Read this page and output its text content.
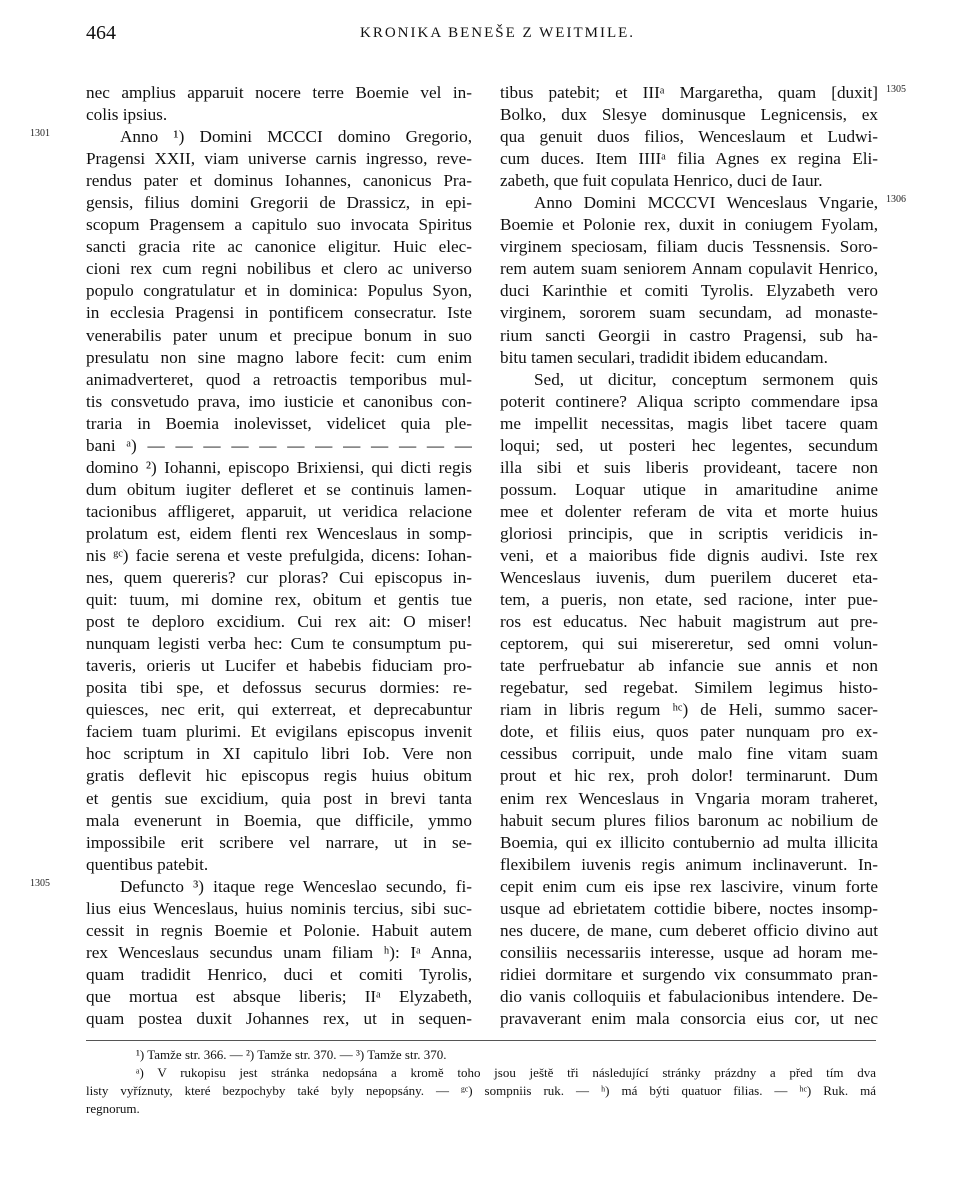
464	KRONIKA BENEŠE Z WEITMILE.
1301
1305
1305
1306
nec amplius apparuit nocere terre Boemie vel in-
colis ipsius.
Anno ¹) Domini MCCCI domino Gregorio,
Pragensi XXII, viam universe carnis ingresso, reve-
rendus pater et dominus Iohannes, canonicus Pra-
gensis, filius domini Gregorii de Drassicz, in epi-
scopum Pragensem a capitulo suo invocata Spiritus
sancti gracia rite ac canonice eligitur. Huic elec-
cioni rex cum regni nobilibus et clero ac universo
populo congratulatur et in dominica: Populus Syon,
in ecclesia Pragensi in pontificem consecratur. Iste
venerabilis pater unum et precipue bonum in suo
presulatu non sine magno labore fecit: cum enim
animadverteret, quod a retroactis temporibus mul-
tis consvetudo prava, imo iusticie et canonibus con-
traria in Boemia inolevisset, videlicet quia ple-
bani ᵃ) — — — — — — — — — — — —
domino ²) Iohanni, episcopo Brixiensi, qui dicti regis
dum obitum iugiter defleret et se continuis lamen-
tacionibus affligeret, apparuit, ut veridica relacione
prolatum est, eidem flenti rex Wenceslaus in somp-
nis ᵍᶜ) facie serena et veste prefulgida, dicens: Iohan-
nes, quem quereris? cur ploras? Cui episcopus in-
quit: tuum, mi domine rex, obitum et gentis tue
post te deploro excidium. Cui rex ait: O miser!
nunquam legisti verba hec: Cum te consumptum pu-
taveris, orieris ut Lucifer et habebis fiduciam pro-
posita tibi spe, et defossus securus dormies: re-
quiesces, nec erit, qui exterreat, et deprecabuntur
faciem tuam plurimi. Et evigilans episcopus invenit
hoc scriptum in XI capitulo libri Iob. Vere non
gratis deflevit hic episcopus regis huius obitum
et gentis sue excidium, quia post in brevi tanta
mala evenerunt in Boemia, que difficile, ymmo
impossibile erit scribere vel narrare, ut in se-
quentibus patebit.
Defuncto ³) itaque rege Wenceslao secundo, fi-
lius eius Wenceslaus, huius nominis tercius, sibi suc-
cessit in regnis Boemie et Polonie. Habuit autem
rex Wenceslaus secundus unam filiam ʰ): Iᵃ Anna,
quam tradidit Henrico, duci et comiti Tyrolis,
que mortua est absque liberis; IIᵃ Elyzabeth,
quam postea duxit Johannes rex, ut in sequen-
tibus patebit; et IIIᵃ Margaretha, quam [duxit]
Bolko, dux Slesye dominusque Legnicensis, ex
qua genuit duos filios, Wenceslaum et Ludwi-
cum duces. Item IIIIᵃ filia Agnes ex regina Eli-
zabeth, que fuit copulata Henrico, duci de Iaur.
Anno Domini MCCCVI Wenceslaus Vngarie,
Boemie et Polonie rex, duxit in coniugem Fyolam,
virginem speciosam, filiam ducis Tessnensis. Soro-
rem autem suam seniorem Annam copulavit Henrico,
duci Karinthie et comiti Tyrolis. Elyzabeth vero
virginem, sororem suam secundam, ad monaste-
rium sancti Georgii in castro Pragensi, sub ha-
bitu tamen seculari, tradidit ibidem educandam.
Sed, ut dicitur, conceptum sermonem quis
poterit continere? Aliqua scripto commendare ipsa
me impellit necessitas, magis libet tacere quam
loqui; sed, ut posteri hec legentes, secundum
illa sibi et suis liberis provideant, tacere non
possum. Loquar utique in amaritudine anime
mee et dolenter referam de vita et morte huius
gloriosi principis, que in scriptis veridicis in-
veni, et a maioribus fide dignis audivi. Iste rex
Wenceslaus iuvenis, dum puerilem duceret eta-
tem, a pueris, non etate, sed racione, inter pue-
ros est educatus. Nec habuit magistrum aut pre-
ceptorem, qui sui misereretur, sed omni volun-
tate perfruebatur ab infancie sue annis et non
regebatur, sed regebat. Similem legimus histo-
riam in libris regum ʰᶜ) de Heli, summo sacer-
dote, et filiis eius, quos pater nunquam pro ex-
cessibus corripuit, unde malo fine vitam suam
prout et hic rex, proh dolor! terminarunt. Dum
enim rex Wenceslaus in Vngaria moram traheret,
habuit secum plures filios baronum ac nobilium de
Boemia, qui ex illicito contubernio ad multa illicita
flexibilem iuvenis regis animum inclinaverunt. In-
cepit enim cum eis ipse rex lascivire, vinum forte
usque ad ebrietatem cottidie bibere, noctes insomp-
nes ducere, de mane, cum deberet officio divino aut
consiliis necessariis interesse, usque ad horam me-
ridiei dormitare et surgendo vix consummato pran-
dio vanis colloquiis et fabulacionibus intendere. De-
pravaverant enim mala consorcia eius cor, ut nec
¹) Tamže str. 366. — ²) Tamže str. 370. — ³) Tamže str. 370.
ᵃ) V rukopisu jest stránka nedopsána a kromě toho jsou ještě tři následující stránky prázdny a před tím dva
listy vyříznuty, které bezpochyby také byly nepopsány. — ᵍᶜ) sompniis ruk. — ʰ) má býti quatuor filias. — ʰᶜ) Ruk. má
regnorum.
